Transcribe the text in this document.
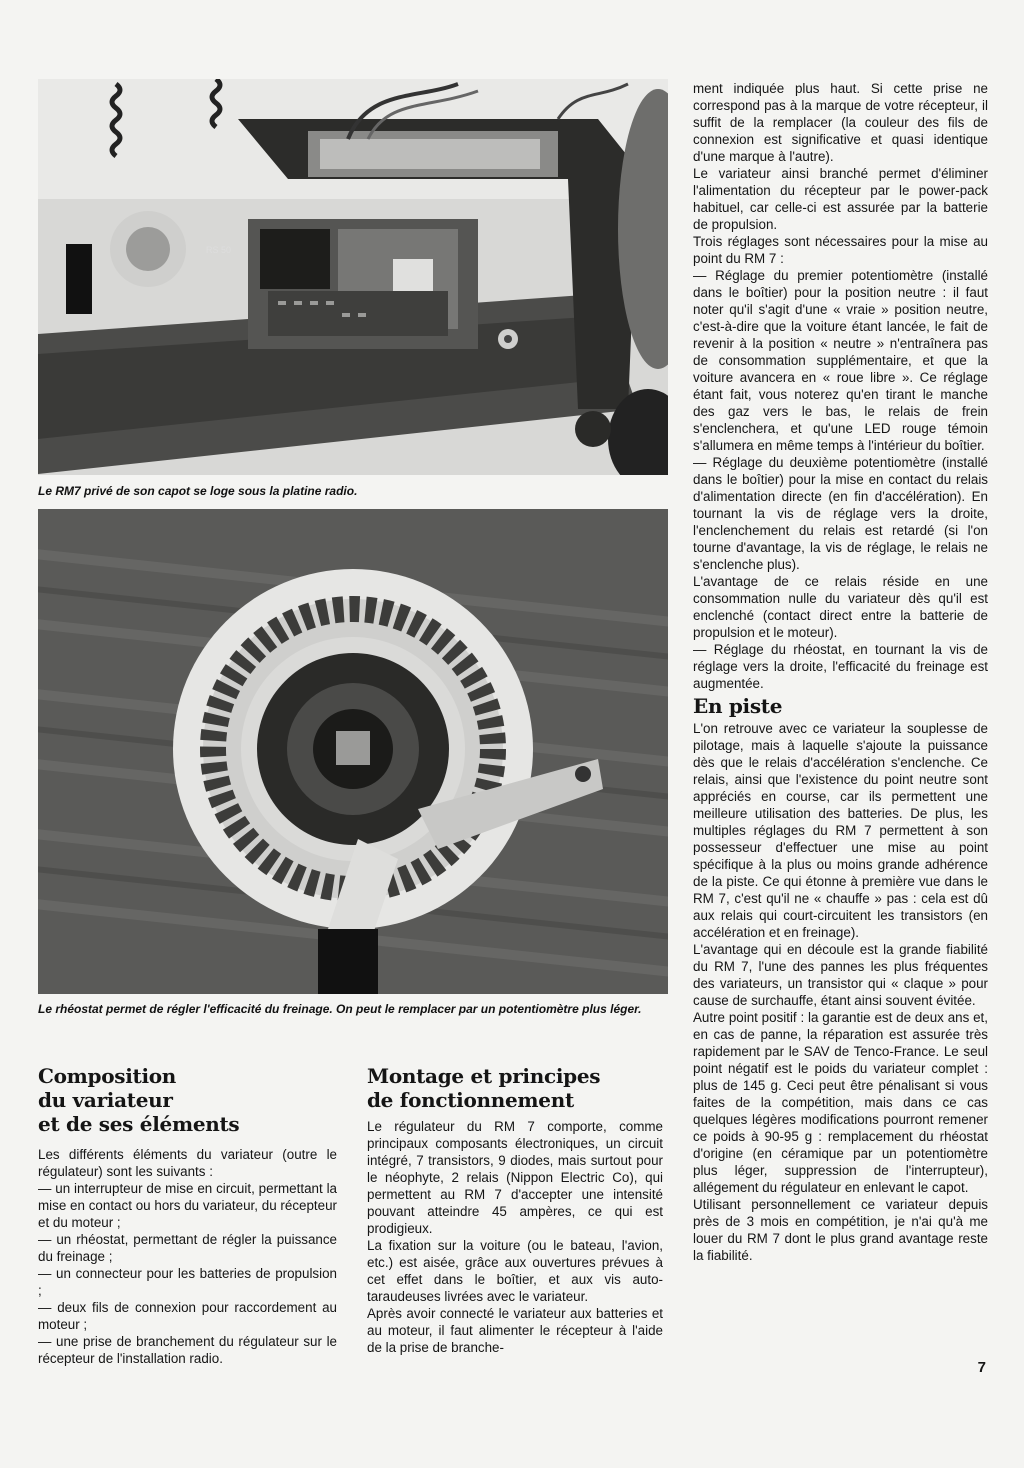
RS 50
Le RM7 privé de son capot se loge sous la platine radio.
Le rhéostat permet de régler l'efficacité du freinage. On peut le remplacer par un potentiomètre plus léger.

ment indiquée plus haut. Si cette prise ne correspond pas à la marque de votre récepteur, il suffit de la remplacer (la couleur des fils de connexion est significative et quasi identique d'une marque à l'autre).

Le variateur ainsi branché permet d'éliminer l'alimentation du récepteur par le power-pack habituel, car celle-ci est assurée par la batterie de propulsion.

Trois réglages sont nécessaires pour la mise au point du RM 7 :

— Réglage du premier potentiomètre (installé dans le boîtier) pour la position neutre : il faut noter qu'il s'agit d'une « vraie » position neutre, c'est-à-dire que la voiture étant lancée, le fait de revenir à la position « neutre » n'entraînera pas de consommation supplémentaire, et que la voiture avancera en « roue libre ». Ce réglage étant fait, vous noterez qu'en tirant le manche des gaz vers le bas, le relais de frein s'enclenchera, et qu'une LED rouge témoin s'allumera en même temps à l'intérieur du boîtier.

— Réglage du deuxième potentiomètre (installé dans le boîtier) pour la mise en contact du relais d'alimentation directe (en fin d'accélération). En tournant la vis de réglage vers la droite, l'enclenchement du relais est retardé (si l'on tourne d'avantage, la vis de réglage, le relais ne s'enclenche plus).

L'avantage de ce relais réside en une consommation nulle du variateur dès qu'il est enclenché (contact direct entre la batterie de propulsion et le moteur).

— Réglage du rhéostat, en tournant la vis de réglage vers la droite, l'efficacité du freinage est augmentée.

En piste

L'on retrouve avec ce variateur la souplesse de pilotage, mais à laquelle s'ajoute la puissance dès que le relais d'accélération s'enclenche. Ce relais, ainsi que l'existence du point neutre sont appréciés en course, car ils permettent une meilleure utilisation des batteries. De plus, les multiples réglages du RM 7 permettent à son possesseur d'effectuer une mise au point spécifique à la plus ou moins grande adhérence de la piste. Ce qui étonne à première vue dans le RM 7, c'est qu'il ne « chauffe » pas : cela est dû aux relais qui court-circuitent les transistors (en accélération et en freinage).

L'avantage qui en découle est la grande fiabilité du RM 7, l'une des pannes les plus fréquentes des variateurs, un transistor qui « claque » pour cause de surchauffe, étant ainsi souvent évitée.

Autre point positif : la garantie est de deux ans et, en cas de panne, la réparation est assurée très rapidement par le SAV de Tenco-France. Le seul point négatif est le poids du variateur complet : plus de 145 g. Ceci peut être pénalisant si vous faites de la compétition, mais dans ce cas quelques légères modifications pourront remener ce poids à 90-95 g : remplacement du rhéostat d'origine (en céramique par un potentiomètre plus léger, suppression de l'interrupteur), allégement du régulateur en enlevant le capot.

Utilisant personnellement ce variateur depuis près de 3 mois en compétition, je n'ai qu'à me louer du RM 7 dont le plus grand avantage reste la fiabilité.

Composition
du variateur
et de ses éléments

Les différents éléments du variateur (outre le régulateur) sont les suivants :

— un interrupteur de mise en circuit, permettant la mise en contact ou hors du variateur, du récepteur et du moteur ;

— un rhéostat, permettant de régler la puissance du freinage ;

— un connecteur pour les batteries de propulsion ;

— deux fils de connexion pour raccordement au moteur ;

— une prise de branchement du régulateur sur le récepteur de l'installation radio.

Montage et principes
de fonctionnement

Le régulateur du RM 7 comporte, comme principaux composants électroniques, un circuit intégré, 7 transistors, 9 diodes, mais surtout pour le néophyte, 2 relais (Nippon Electric Co), qui permettent au RM 7 d'accepter une intensité pouvant atteindre 45 ampères, ce qui est prodigieux.

La fixation sur la voiture (ou le bateau, l'avion, etc.) est aisée, grâce aux ouvertures prévues à cet effet dans le boîtier, et aux vis auto-taraudeuses livrées avec le variateur.

Après avoir connecté le variateur aux batteries et au moteur, il faut alimenter le récepteur à l'aide de la prise de branche-

7
